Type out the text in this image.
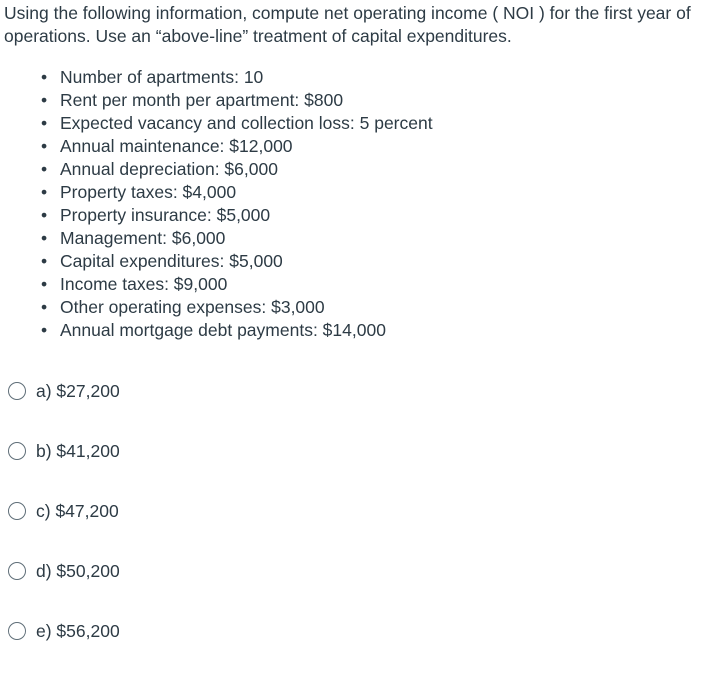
Using the following information, compute net operating income ( NOI ) for the first year of operations. Use an “above-line” treatment of capital expenditures.

• Number of apartments: 10
• Rent per month per apartment: $800
• Expected vacancy and collection loss: 5 percent
• Annual maintenance: $12,000
• Annual depreciation: $6,000
• Property taxes: $4,000
• Property insurance: $5,000
• Management: $6,000
• Capital expenditures: $5,000
• Income taxes: $9,000
• Other operating expenses: $3,000
• Annual mortgage debt payments: $14,000
a) $27,200
b) $41,200
c) $47,200
d) $50,200
e) $56,200
